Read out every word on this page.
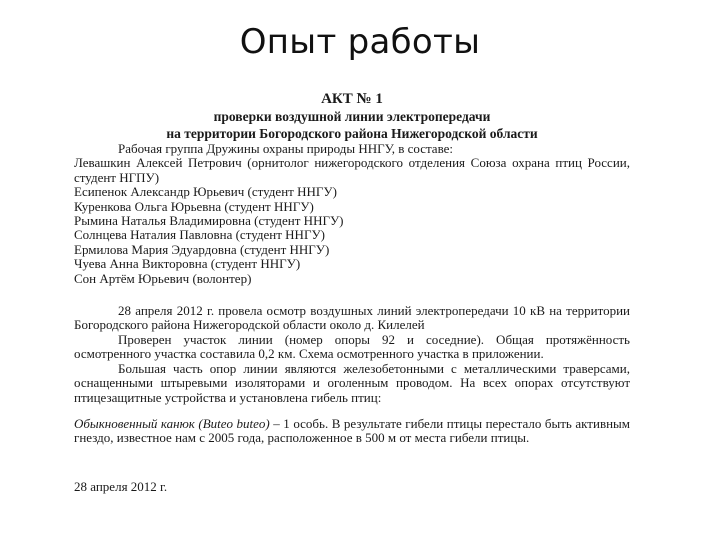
Опыт работы
АКТ № 1
проверки воздушной линии электропередачи
на территории Богородского района Нижегородской области
Рабочая группа Дружины охраны природы ННГУ, в составе:
Левашкин Алексей Петрович (орнитолог нижегородского отделения Союза охрана птиц России, студент НГПУ)
Есипенок Александр Юрьевич (студент ННГУ)
Куренкова Ольга Юрьевна (студент ННГУ)
Рымина Наталья Владимировна (студент ННГУ)
Солнцева Наталия Павловна (студент ННГУ)
Ермилова Мария Эдуардовна (студент ННГУ)
Чуева Анна Викторовна (студент ННГУ)
Сон Артём Юрьевич (волонтер)
28 апреля 2012 г. провела осмотр воздушных линий электропередачи 10 кВ на территории Богородского района Нижегородской области около д. Килелей
Проверен участок линии (номер опоры 92 и соседние). Общая протяжённость осмотренного участка составила 0,2 км. Схема осмотренного участка в приложении.
Большая часть опор линии являются железобетонными с металлическими траверсами, оснащенными штыревыми изоляторами и оголенным проводом. На всех опорах отсутствуют птицезащитные устройства и установлена гибель птиц:
Обыкновенный канюк (Buteo buteo) – 1 особь. В результате гибели птицы перестало быть активным гнездо, известное нам с 2005 года, расположенное в 500 м от места гибели птицы.
28 апреля 2012 г.
